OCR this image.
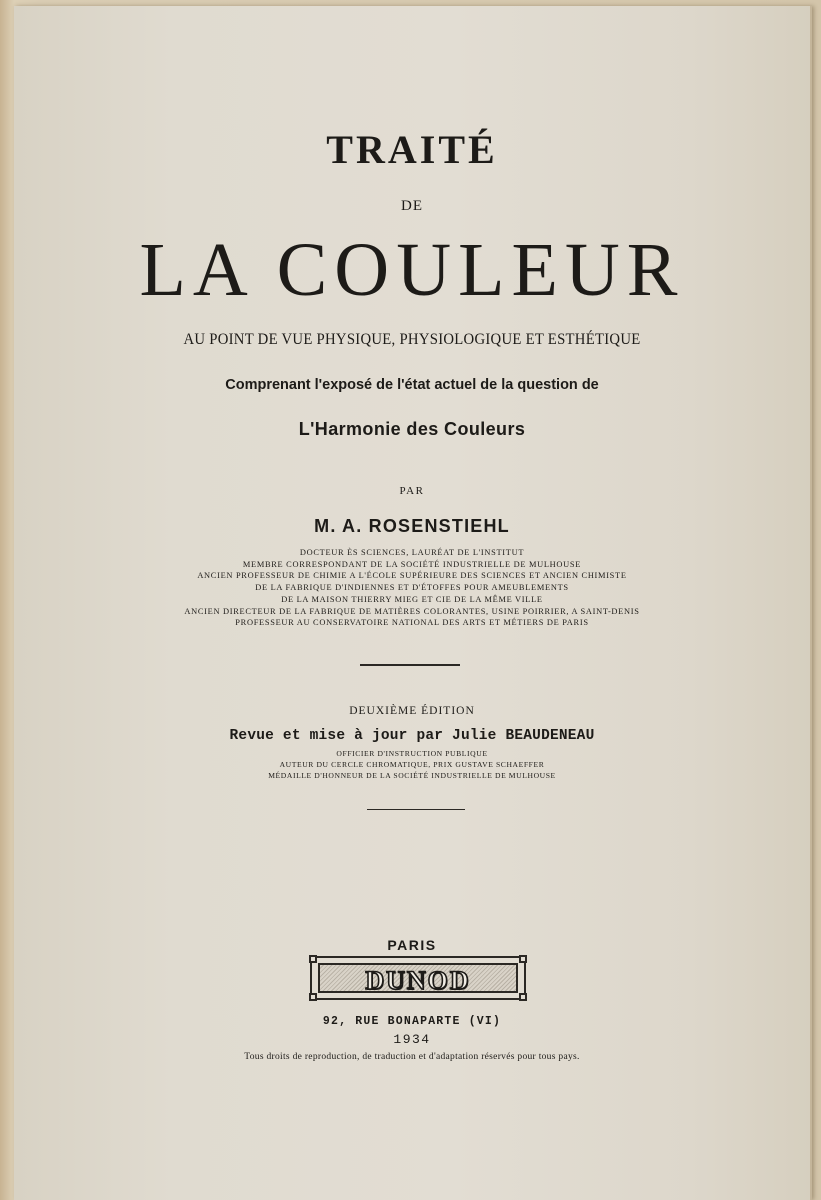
TRAITÉ
DE
LA COULEUR
AU POINT DE VUE PHYSIQUE, PHYSIOLOGIQUE ET ESTHÉTIQUE
Comprenant l'exposé de l'état actuel de la question de
L'Harmonie des Couleurs
PAR
M. A. ROSENSTIEHL
DOCTEUR ÈS SCIENCES, LAURÉAT DE L'INSTITUT
MEMBRE CORRESPONDANT DE LA SOCIÉTÉ INDUSTRIELLE DE MULHOUSE
ANCIEN PROFESSEUR DE CHIMIE A L'ÉCOLE SUPÉRIEURE DES SCIENCES ET ANCIEN CHIMISTE
DE LA FABRIQUE D'INDIENNES ET D'ÉTOFFES POUR AMEUBLEMENTS
DE LA MAISON THIERRY MIEG ET CIE DE LA MÊME VILLE
ANCIEN DIRECTEUR DE LA FABRIQUE DE MATIÈRES COLORANTES, USINE POIRRIER, A SAINT-DENIS
PROFESSEUR AU CONSERVATOIRE NATIONAL DES ARTS ET MÉTIERS DE PARIS
DEUXIÈME ÉDITION
Revue et mise à jour par Julie BEAUDENEAU
OFFICIER D'INSTRUCTION PUBLIQUE
AUTEUR DU CERCLE CHROMATIQUE, PRIX GUSTAVE SCHAEFFER
MÉDAILLE D'HONNEUR DE LA SOCIÉTÉ INDUSTRIELLE DE MULHOUSE
PARIS
DUNOD
92, RUE BONAPARTE (VI)
1934
Tous droits de reproduction, de traduction et d'adaptation réservés pour tous pays.
